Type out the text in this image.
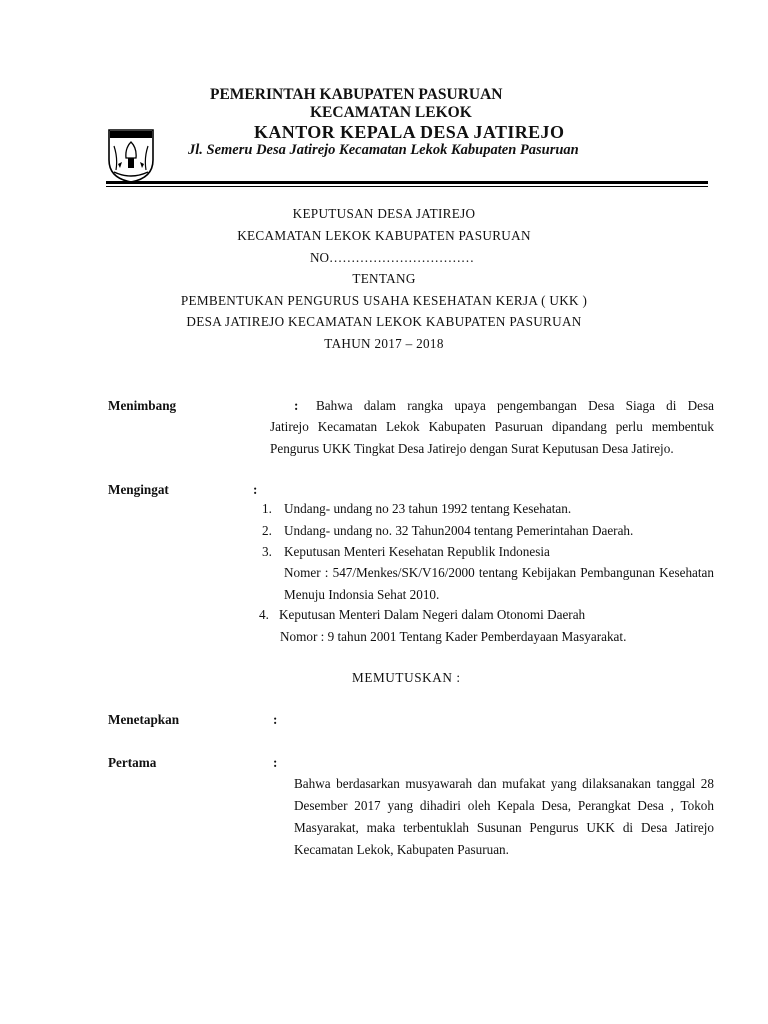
PEMERINTAH KABUPATEN PASURUAN
KECAMATAN LEKOK
KANTOR KEPALA DESA JATIREJO
Jl. Semeru Desa Jatirejo Kecamatan Lekok Kabupaten Pasuruan
KEPUTUSAN DESA JATIREJO
KECAMATAN LEKOK KABUPATEN PASURUAN
NO……………………………
TENTANG
PEMBENTUKAN PENGURUS USAHA KESEHATAN KERJA ( UKK )
DESA JATIREJO KECAMATAN LEKOK KABUPATEN PASURUAN
TAHUN 2017 – 2018
Menimbang	: Bahwa dalam rangka upaya pengembangan Desa Siaga di Desa
Jatirejo Kecamatan Lekok Kabupaten Pasuruan dipandang perlu membentuk Pengurus UKK Tingkat Desa Jatirejo dengan Surat Keputusan Desa Jatirejo.
Mengingat	:
1. Undang- undang no 23 tahun 1992 tentang Kesehatan.
2. Undang- undang no. 32 Tahun2004 tentang Pemerintahan Daerah.
3. Keputusan Menteri Kesehatan Republik Indonesia
Nomer : 547/Menkes/SK/V16/2000 tentang Kebijakan Pembangunan Kesehatan Menuju Indonsia Sehat 2010.
4. Keputusan Menteri Dalam Negeri dalam Otonomi Daerah
Nomor : 9 tahun 2001 Tentang Kader Pemberdayaan Masyarakat.
MEMUTUSKAN :
Menetapkan	:
Pertama	:
Bahwa berdasarkan musyawarah dan mufakat yang dilaksanakan tanggal 28 Desember 2017 yang dihadiri oleh Kepala Desa, Perangkat Desa , Tokoh Masyarakat, maka terbentuklah Susunan Pengurus UKK di Desa Jatirejo Kecamatan Lekok, Kabupaten Pasuruan.
